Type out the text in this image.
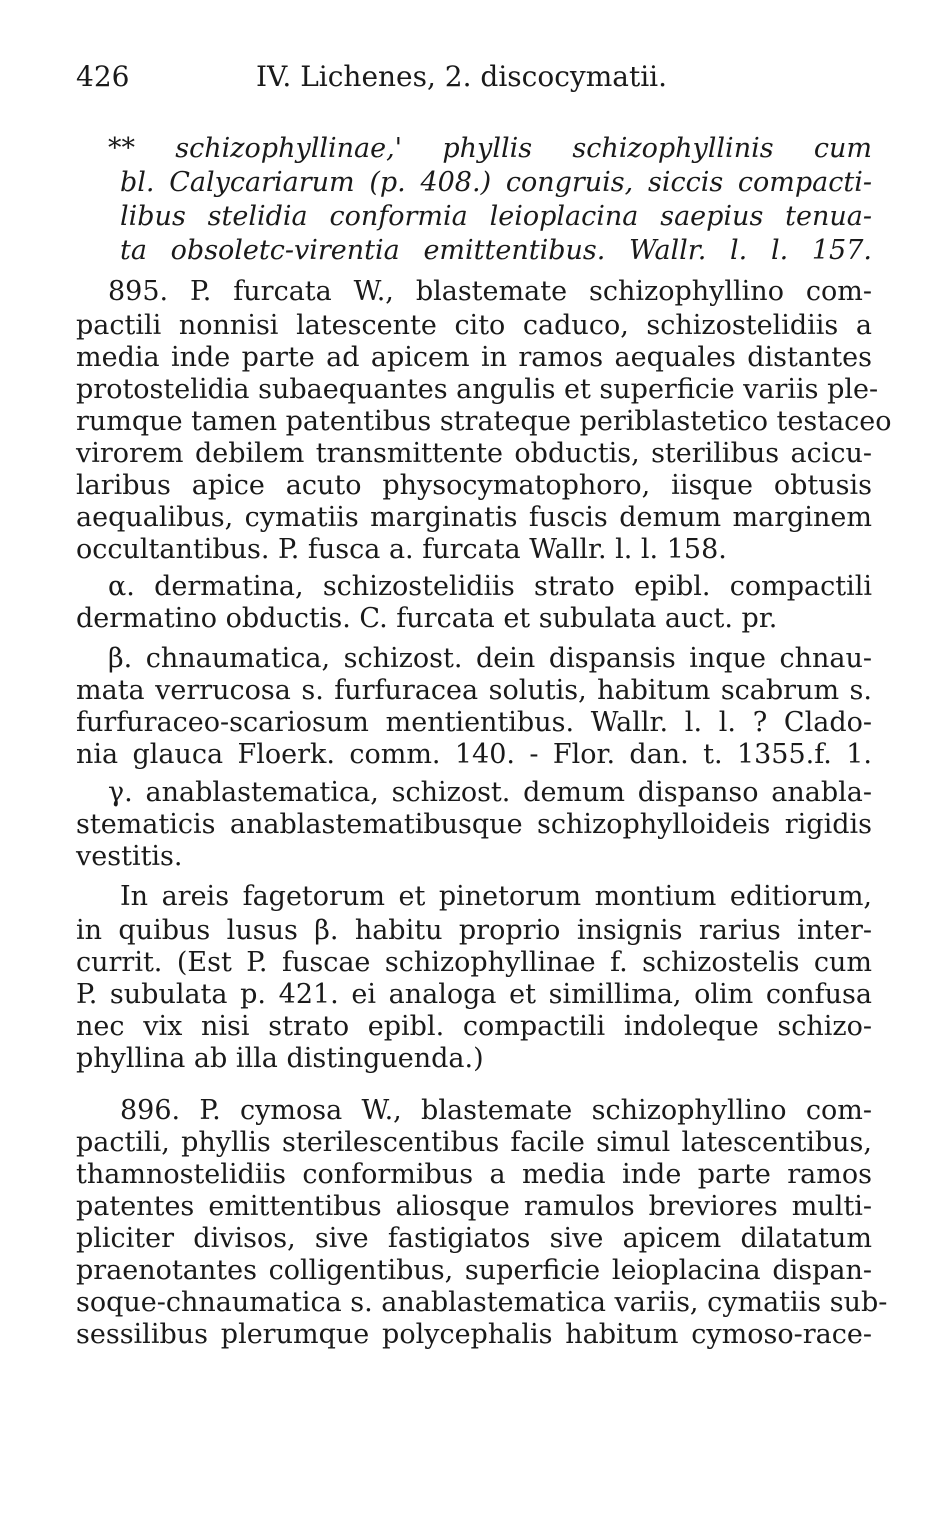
426	IV. Lichenes, 2. discocymatii.
** schizophyllinae,' phyllis schizophyllinis cum
bl. Calycariarum (p. 408.) congruis, siccis compacti-
libus stelidia conformia leioplacina saepius tenua-
ta obsoletc-virentia emittentibus. Wallr. l. l. 157.
895. P. furcata W., blastemate schizophyllino com-
pactili nonnisi latescente cito caduco, schizostelidiis a
media inde parte ad apicem in ramos aequales distantes
protostelidia subaequantes angulis et superficie variis ple-
rumque tamen patentibus strateque periblastetico testaceo
virorem debilem transmittente obductis, sterilibus acicu-
laribus apice acuto physocymatophoro, iisque obtusis
aequalibus, cymatiis marginatis fuscis demum marginem
occultantibus. P. fusca a. furcata Wallr. l. l. 158.
α. dermatina, schizostelidiis strato epibl. compactili
dermatino obductis. C. furcata et subulata auct. pr.
β. chnaumatica, schizost. dein dispansis inque chnau-
mata verrucosa s. furfuracea solutis, habitum scabrum s.
furfuraceo-scariosum mentientibus. Wallr. l. l. ? Clado-
nia glauca Floerk. comm. 140. - Flor. dan. t. 1355.f. 1.
γ. anablastematica, schizost. demum dispanso anabla-
stematicis anablastematibusque schizophylloideis rigidis
vestitis.
In areis fagetorum et pinetorum montium editiorum,
in quibus lusus β. habitu proprio insignis rarius inter-
currit. (Est P. fuscae schizophyllinae f. schizostelis cum
P. subulata p. 421. ei analoga et simillima, olim confusa
nec vix nisi strato epibl. compactili indoleque schizo-
phyllina ab illa distinguenda.)
896. P. cymosa W., blastemate schizophyllino com-
pactili, phyllis sterilescentibus facile simul latescentibus,
thamnostelidiis conformibus a media inde parte ramos
patentes emittentibus aliosque ramulos breviores multi-
pliciter divisos, sive fastigiatos sive apicem dilatatum
praenotantes colligentibus, superficie leioplacina dispan-
soque-chnaumatica s. anablastematica variis, cymatiis sub-
sessilibus plerumque polycephalis habitum cymoso-race-
